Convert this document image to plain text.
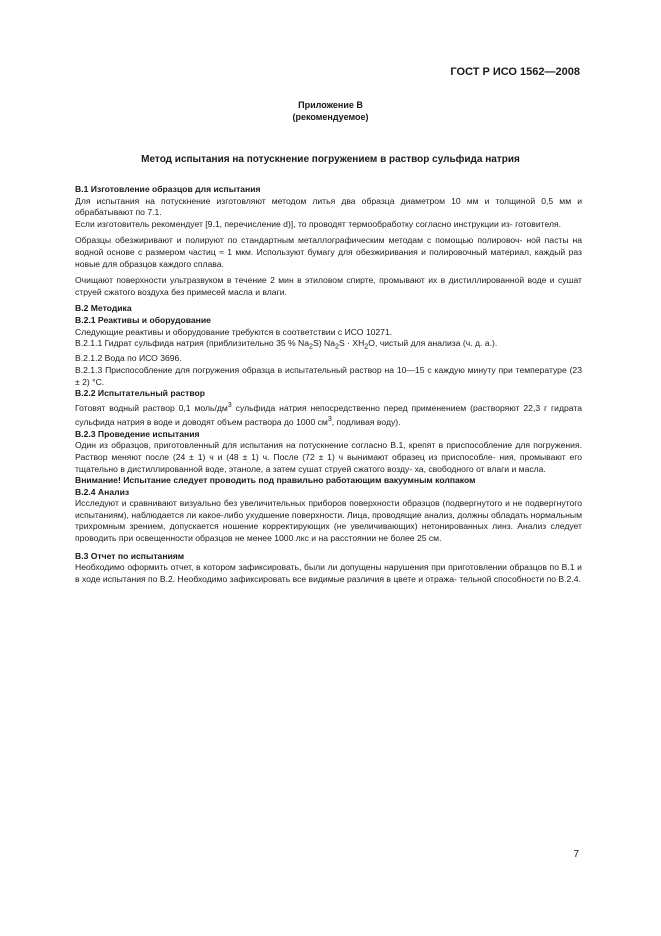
ГОСТ Р ИСО 1562—2008
Приложение В
(рекомендуемое)
Метод испытания на потускнение погружением в раствор сульфида натрия

В.1 Изготовление образцов для испытания

Для испытания на потускнение изготовляют методом литья два образца диаметром 10 мм и толщиной 0,5 мм и обрабатывают по 7.1.

Если изготовитель рекомендует [9.1, перечисление d)], то проводят термообработку согласно инструкции из- готовителя.

Образцы обезжиривают и полируют по стандартным металлографическим методам с помощью полировоч- ной пасты на водной основе с размером частиц ≈ 1 мкм. Используют бумагу для обезжиривания и полировочный материал, каждый раз новые для образцов каждого сплава.

Очищают поверхности ультразвуком в течение 2 мин в этиловом спирте, промывают их в дистиллированной воде и сушат струей сжатого воздуха без примесей масла и влаги.

В.2 Методика

В.2.1 Реактивы и оборудование

Следующие реактивы и оборудование требуются в соответствии с ИСО 10271.

В.2.1.1 Гидрат сульфида натрия (приблизительно 35 % $Na_2S$) $Na_2S \cdot XH_2O$, чистый для анализа (ч. д. а.).

В.2.1.2 Вода по ИСО 3696.

В.2.1.3 Приспособление для погружения образца в испытательный раствор на 10—15 с каждую минуту при температуре (23 ± 2) °С.

В.2.2 Испытательный раствор

Готовят водный раствор 0,1 моль/$дм^3$ сульфида натрия непосредственно перед применением (растворяют 22,3 г гидрата сульфида натрия в воде и доводят объем раствора до 1000 $см^3$, подливая воду).

В.2.3 Проведение испытания

Один из образцов, приготовленный для испытания на потускнение согласно В.1, крепят в приспособление для погружения. Раствор меняют после (24 ± 1) ч и (48 ± 1) ч. После (72 ± 1) ч вынимают образец из приспособле- ния, промывают его тщательно в дистиллированной воде, этаноле, а затем сушат струей сжатого возду- ха, свободного от влаги и масла.

Внимание! Испытание следует проводить под правильно работающим вакуумным колпаком

В.2.4 Анализ

Исследуют и сравнивают визуально без увеличительных приборов поверхности образцов (подвергнутого и не подвергнутого испытаниям), наблюдается ли какое-либо ухудшение поверхности. Лица, проводящие анализ, должны обладать нормальным трихромным зрением, допускается ношение корректирующих (не увеличивающих) нетонированных линз. Анализ следует проводить при освещенности образцов не менее 1000 лкс и на расстоянии не более 25 см.

В.3 Отчет по испытаниям

Необходимо оформить отчет, в котором зафиксировать, были ли допущены нарушения при приготовлении образцов по В.1 и в ходе испытания по В.2. Необходимо зафиксировать все видимые различия в цвете и отража- тельной способности по В.2.4.

7
